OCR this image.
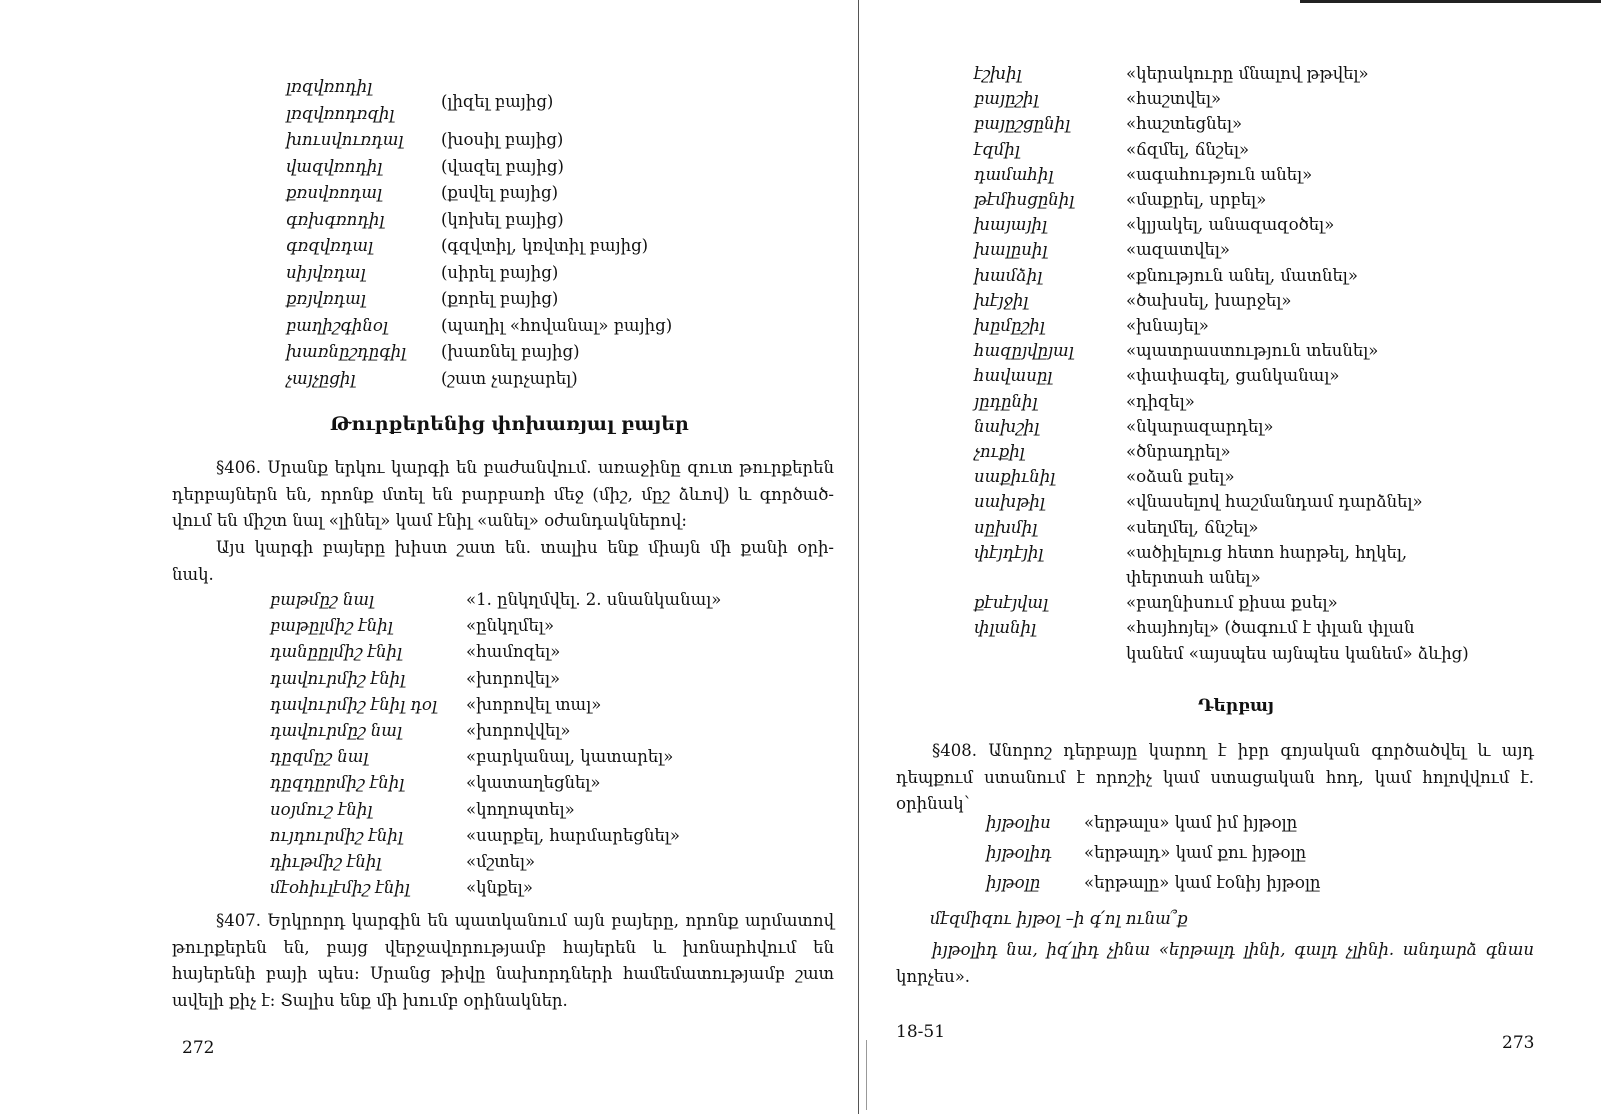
լռզվռոդիլ
լռզվռոդռզիլ
(լիզել բայից)
խուսվուռդալ (խօսիլ բայից)
վազվռոդիլ	(վազել բայից)
քռսվռոդալ	(քսվել բայից)
գռխգռոդիլ	(կոխել բայից)
գռզվռդալ	(գզվտիլ, կռվտիլ բայից)
սիյվռդալ	(սիրել բայից)
քռյվռդալ	(քորել բայից)
բաղիշգինօլ	(պաղիլ «հովանալ» բայից)
խառնըշդըգիլ (խառնել բայից)
չայչըցիլ	(շատ չարչարել)
Թուրքերենից փոխառյալ բայեր
§406. Սրանք երկու կարգի են բաժանվում. առաջինը զուտ թուրքերեն
դերբայներն են, որոնք մտել են բարբառի մեջ (միշ, մըշ ձևով) և գործած-
վում են միշտ նալ «լինել» կամ էնիլ «անել» օժանդակներով:
Այս կարգի բայերը խիստ շատ են. տալիս ենք միայն մի քանի օրի-
նակ.
բաթմըշ նալ	«1. ընկղմվել. 2. սնանկանալ»
բաթըլմիշ էնիլ	«ընկղմել»
դանըըլմիշ էնիլ	«համոզել»
դավուրմիշ էնիլ	«խորովել»
դավուրմիշ էնիլ դօլ «խորովել տալ»
դավուրմըշ նալ	«խորովվել»
դըզմըշ նալ	«բարկանալ, կատարել»
դըզդըրմիշ էնիլ	«կատաղեցնել»
սօյմուշ էնիլ	«կողոպտել»
ույդուրմիշ էնիլ	«սարքել, հարմարեցնել»
դիւթմիշ էնիլ	«մշտել»
մէօհիւլէմիշ էնիլ	«կնքել»
§407. Երկրորդ կարգին են պատկանում այն բայերը, որոնք արմատով
թուրքերեն են, բայց վերջավորությամբ հայերեն և խոնարհվում են
հայերենի բայի պես: Սրանց թիվը նախորդների համեմատությամբ շատ
ավելի քիչ է: Տալիս ենք մի խումբ օրինակներ.
272
էշխիլ	«կերակուրը մնալով թթվել»
բայըշիլ	«հաշտվել»
բայըշցընիլ	«հաշտեցնել»
էզմիլ	«ճզմել, ճնշել»
դամահիլ	«ագահություն անել»
թէմիսցընիլ	«մաքրել, սրբել»
խայայիլ	«կլյակել, անազազօծել»
խալըսիլ	«ազատվել»
խամձիլ	«քնություն անել, մատնել»
խէյջիլ	«ծախսել, խարջել»
խըմըշիլ	«խնայել»
հազըյվըյալ	«պատրաստություն տեսնել»
հավասըլ	«փափագել, ցանկանալ»
յըդընիլ	«դիզել»
նախշիլ	«նկարազարդել»
չուքիլ	«ծնրադրել»
սաքիւնիլ	«օձան քսել»
սախթիլ	«վնասելով հաշմանդամ դարձնել»
սըխմիլ	«սեղմել, ճնշել»
փէյդէյիլ	«ածիլելուց հետո հարթել, հղկել,
փերտահ անել»
քէսէյվալ	«բաղնիսում քիսա քսել»
փլանիլ	«հայհոյել» (ծագում է փլան փլան
կանեմ «այսպես այնպես կանեմ» ձևից)
Դերբայ
§408. Անորոշ դերբայը կարող է իբր գոյական գործածվել և այդ
դեպքում ստանում է որոշիչ կամ ստացական հոդ, կամ հոլովվում է.
օրինակ՝
իյթօլիս «երթալս» կամ իմ իյթօլը
իյթօլիդ «երթալդ» կամ քու իյթօլը
իյթօլը	«երթալը» կամ էօնիյ իյթօլը
մէզմիզու իյթօլ –ի գ՛ոլ ունա՞ք
իյթօլիդ նա, իզ՛լիդ չինա «երթալդ լինի, գալդ չլինի. անդարձ գնաս
կորչես».
18-51
273
